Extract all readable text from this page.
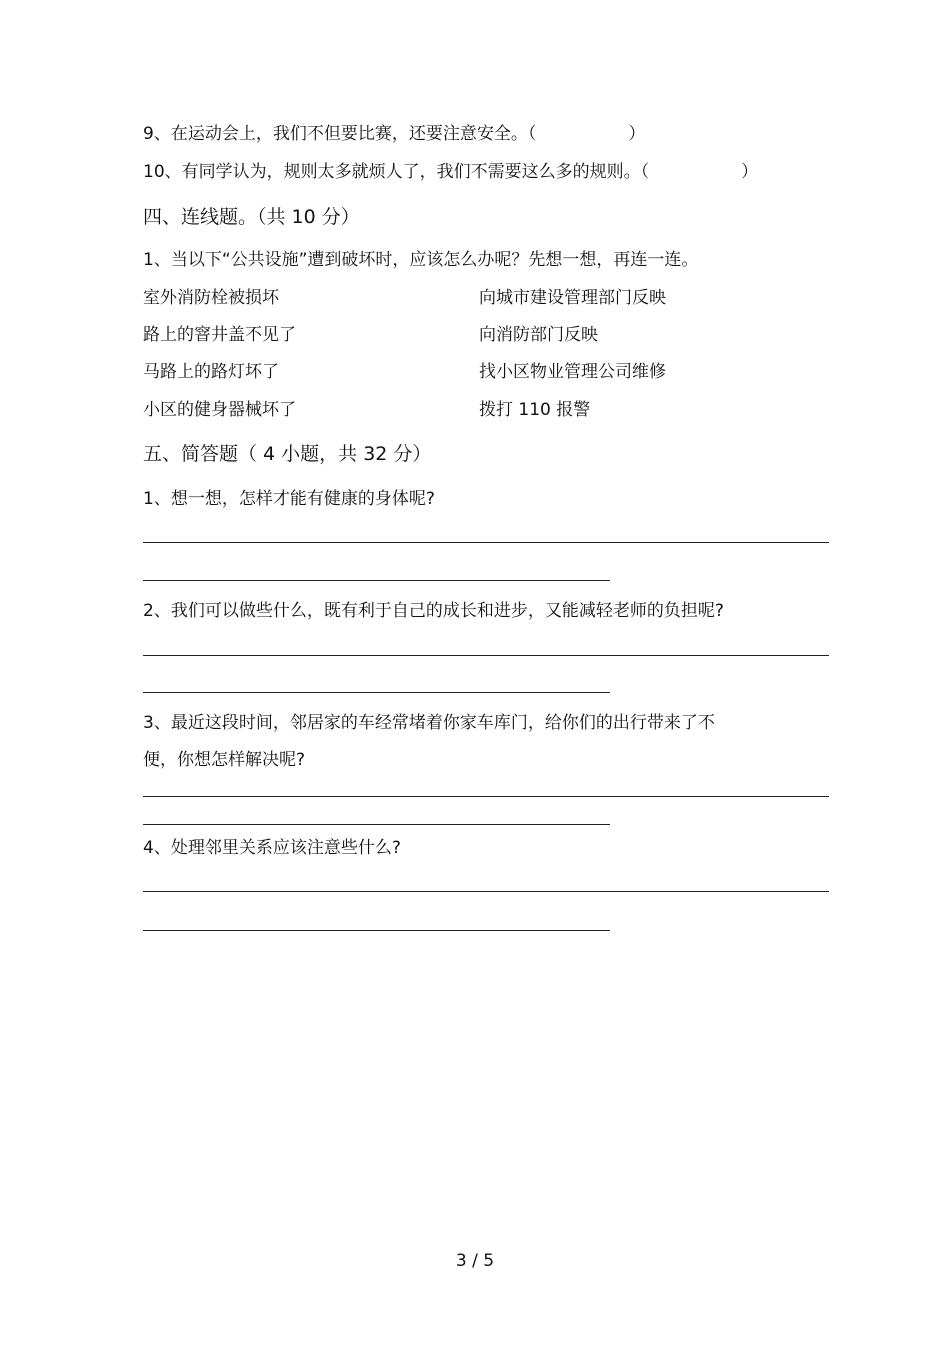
9、在运动会上，我们不但要比赛，还要注意安全。（	）
10、有同学认为，规则太多就烦人了，我们不需要这么多的规则。（	）
四、连线题。（共 10 分）
1、当以下“公共设施”遭到破坏时，应该怎么办呢？先想一想，再连一连。
室外消防栓被损坏
路上的窨井盖不见了
马路上的路灯坏了
小区的健身器械坏了
向城市建设管理部门反映
向消防部门反映
找小区物业管理公司维修
拨打 110 报警
五、简答题（ 4 小题，共 32 分）
1、想一想，怎样才能有健康的身体呢?
2、我们可以做些什么，既有利于自己的成长和进步，又能减轻老师的负担呢?
3、最近这段时间，邻居家的车经常堵着你家车库门，给你们的出行带来了不
便，你想怎样解决呢?
4、处理邻里关系应该注意些什么?
3 / 5
